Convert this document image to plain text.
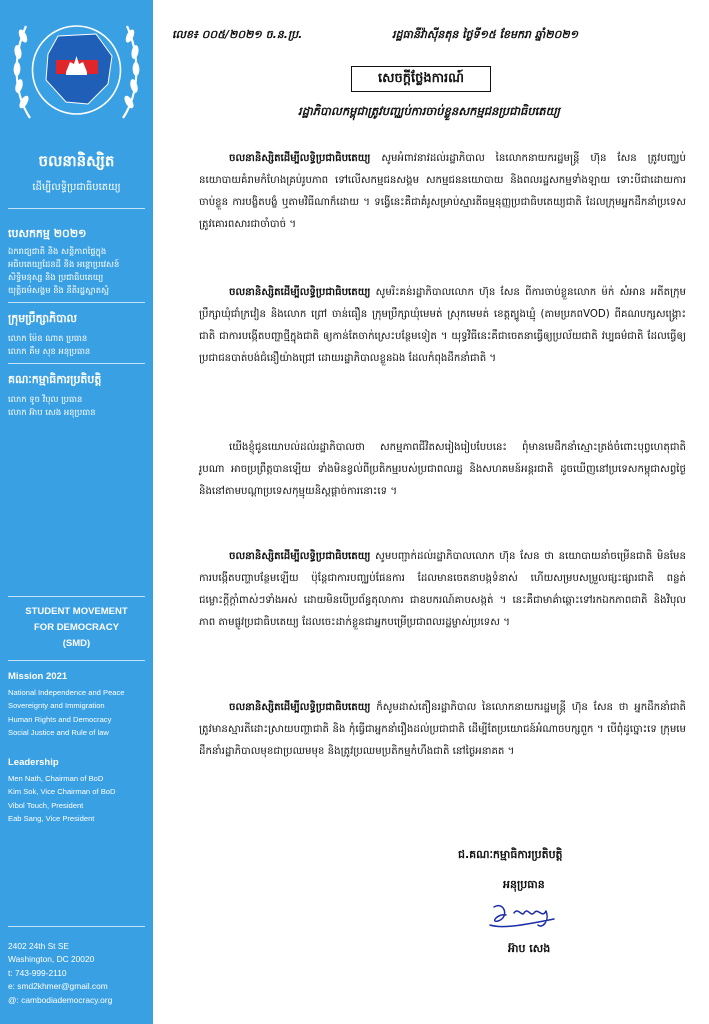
ចលនានិស្សិត
ដើម្បីលទ្ធិប្រជាធិបតេយ្យ
បេសកកម្ម ២០២១
ឯករាជ្យជាតិ និង សន្តិភាពផ្ទៃក្នុង
អធិបតេយ្យដែនដី និង អន្តោប្រវេសន៍
សិទ្ធិមនុស្ស និង ប្រជាធិបតេយ្យ
យុត្តិធម៌សង្គម និង នីតិរដ្ឋស្អាតស្អំ
ក្រុមប្រឹក្សាភិបាល
លោក ម៉ែន ណាត ប្រធាន
លោក គឹម សុខ អនុប្រធាន
គណៈកម្មាធិការប្រតិបត្តិ
លោក ទូច វិបុល ប្រធាន
លោក អ៊ាប សេង អនុប្រធាន
STUDENT MOVEMENT
FOR DEMOCRACY
(SMD)
Mission 2021
National Independence and Peace
Sovereignty and Immigration
Human Rights and Democracy
Social Justice and Rule of law
Leadership
Men Nath, Chairman of BoD
Kim Sok, Vice Chairman of BoD
Vibol Touch, President
Eab Sang, Vice President
2402 24th St SE
Washington, DC 20020
t: 743-999-2110
e: smd2khmer@gmail.com
@: cambodiademocracy.org
លេខ៖ ០០៥/២០២១ ច.ន.ប្រ.	រដ្ឋធានីវ៉ាស៊ីនតុន ថ្ងៃទី១៥ ខែមករា ឆ្នាំ២០២១
សេចក្តីថ្លែងការណ៍
រដ្ឋាភិបាលកម្ពុជាត្រូវបញ្ឈប់ការចាប់ខ្លួនសកម្មជនប្រជាធិបតេយ្យ
ចលនានិស្សិតដើម្បីលទ្ធិប្រជាធិបតេយ្យ សូមអំពាវនាវដល់រដ្ឋាភិបាល នៃលោកនាយករដ្ឋមន្រ្តី ហ៊ុន សែន ត្រូវបញ្ឈប់នយោបាយគំរាមកំហែងគ្រប់រូបភាព ទៅលើសកម្មជនសង្គម សកម្មជននយោបាយ និងពលរដ្ឋសកម្មទាំងឡាយ ទោះបីជាដោយការចាប់ខ្លួន ការបង្ខិតបង្ខំ ឬតាមវិធីណាក៏ដោយ ។ ទង្វើនេះគឺជាគំរូសម្រាប់ស្មារតីធម្មនុញ្ញប្រជាធិបតេយ្យជាតិ ដែលក្រុមអ្នកដឹកនាំប្រទេសត្រូវគោរពសារជាចាំបាច់ ។
ចលនានិស្សិតដើម្បីលទ្ធិប្រជាធិបតេយ្យ សូមរិះគន់រដ្ឋាភិបាលលោក ហ៊ុន សែន ពីការចាប់ខ្លួនលោក ម៉ក់ សំអាន អតីតក្រុមប្រឹក្សាឃុំជាំក្រវៀន និងលោក ព្រៅ ចាន់ធឿន ក្រុមប្រឹក្សាឃុំមេមត់ ស្រុកមេមត់ ខេត្តត្បូងឃ្មុំ (តាមប្រភពVOD) ពីគណបក្សសង្គ្រោះជាតិ ជាការបង្កើតបញ្ហាថ្មីក្នុងជាតិ ឲ្យកាន់តែចាក់ស្រេះបន្ថែមទៀត ។ យុទ្ធវិធីនេះគឺជាចេតនាធ្វើឲ្យប្រល័យជាតិ វប្បធម៌ជាតិ ដែលធ្វើឲ្យប្រជាជនបាត់បង់ជំនឿយ៉ាងជ្រៅ ដោយរដ្ឋាភិបាលខ្លួនឯង ដែលកំពុងដឹកនាំជាតិ ។
យើងខ្ញុំជូនយោបល់ដល់រដ្ឋាភិបាលថា សកម្មភាពជីវិតសរៀងរៀបបែបនេះ ពុំមានមេដឹកនាំស្មោះត្រង់ចំពោះបុព្វហេតុជាតិរូបណា អាចប្រព្រឹត្តបានឡើយ ទាំងមិនខ្វល់ពីប្រតិកម្មរបស់ប្រជាពលរដ្ឋ និងសហគមន៍អន្តរជាតិ ដូចឃើញនៅប្រទេសកម្ពុជាសព្វថ្ងៃ និងនៅតាមបណ្តាប្រទេសកុម្មុយនិស្តផ្តាច់ការនោះទេ ។
ចលនានិស្សិតដើម្បីលទ្ធិប្រជាធិបតេយ្យ សូមបញ្ជាក់ដល់រដ្ឋាភិបាលលោក ហ៊ុន សែន ថា នយោបាយនាំចម្រើនជាតិ មិនមែនការបង្កើតបញ្ហាបន្ថែមឡើយ ប៉ុន្តែជាការបញ្ឈប់ផែនការ ដែលមានចេតនាបង្កទំនាស់ ហើយសម្របសម្រួលផ្សះផ្សារជាតិ ពន្លត់ជម្លោះក្តីក្តាំពាស់ៗទាំងអស់ ដោយមិនបើប្រព័ន្ធតុលាការ ជាឧបករណ៍គាបសង្កត់ ។ នេះគឺជាមាគ៌ាឆ្ពោះទៅរកឯកភាពជាតិ និងវិបុលភាព តាមផ្លូវប្រជាធិបតេយ្យ ដែលចេះដាក់ខ្លួនជាអ្នកបម្រើប្រជាពលរដ្ឋម្ចាស់ប្រទេស ។
ចលនានិស្សិតដើម្បីលទ្ធិប្រជាធិបតេយ្យ ក៏សូមដាស់តឿនរដ្ឋាភិបាល នៃលោកនាយករដ្ឋមន្រ្តី ហ៊ុន សែន ថា អ្នកដឹកនាំជាតិ ត្រូវមានស្មារតីដោះស្រាយបញ្ហាជាតិ និង កុំធ្វើជាអ្នកនាំរឿងដល់ប្រជាជាតិ ដើម្បីតែប្រយោជន៍អំណាចបក្សពួក ។ បើពុំដូច្នោះទេ ក្រុមមេដឹកនាំរដ្ឋាភិបាលមុខជាប្រឈមមុខ និងត្រូវប្រឈមប្រតិកម្មកំហឹងជាតិ នៅថ្ងៃអនាគត ។
ជ.គណៈកម្មាធិការប្រតិបត្តិ
អនុប្រធាន
អ៊ាប សេង
